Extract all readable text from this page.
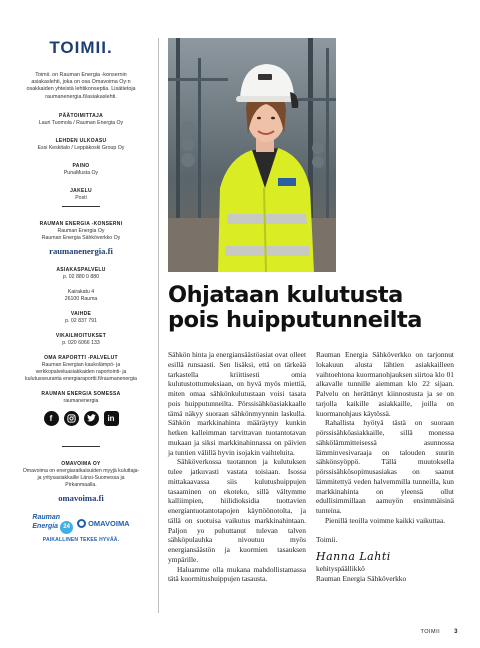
TOIMII.
Toimii. on Rauman Energia -konsernin asiakaslehti, joka on osa Omavoima Oy:n osakkaiden yhteistä lehtikonseptia. Lisätietoja raumanenergia.fi/asiakaslehti.
PÄÄTOIMITTAJA
Lauri Tuomola / Rauman Energia Oy
LEHDEN ULKOASU
Essi Keskitalo / Leppäkoski Group Oy
PAINO
PunaMusta Oy
JAKELU
Posti
RAUMAN ENERGIA -KONSERNI
Rauman Energia Oy
Rauman Energia Sähköverkko Oy
raumanenergia.fi
ASIAKASPALVELU
p. 02 880 0 880
Kairakatu 4
26100 Rauma
VAIHDE
p. 02 837 791
VIKAILMOITUKSET
p. 020 6066 133
OMA RAPORTTI -PALVELUT
Rauman Energian kaukolämpö- ja verkkopalveluasiakkaiden raportointi- ja kulutusseuranta energiaraportti.fi/raumanenergia
RAUMAN ENERGIA SOMESSA
raumanenergia
f	in
OMAVOIMA OY
Omavoima on energiaratkaisuiden myyjä kuluttaja- ja yritysasiakkaille Länsi-Suomessa ja Pirkanmaalla.
omavoima.fi
Rauman
Energia 24	OMAVOIMA
PAIKALLINEN TEKEE HYVÄÄ.
Ohjataan kulutusta
pois huipputunneilta

Sähkön hinta ja energiansäästöasiat ovat olleet esillä runsaasti. Sen lisäksi, että on tärkeää tarkastella kriittisesti omia kulutustottumuksiaan, on hyvä myös miettiä, miten omaa sähkönkulutustaan voisi tasata pois huipputunneilta. Pörssisähköasiakkaalle tämä näkyy suoraan sähkönmyynnin laskulla. Sähkön markkinahinta määräytyy kunkin hetken kalleimman tarvittavan tuotantotavan mukaan ja siksi markkinahinnassa on päivien ja tuntien välillä hyvin isojakin vaihteluita.

Sähköverkossa tuotannon ja kulutuksen tulee jatkuvasti vastata toisiaan. Isossa mittakaavassa siis kulutushuippujen tasaaminen on ekoteko, sillä vältymme kalliimpien, hiilidioksidia tuottavien energiantuotantotapojen käyttöönotolta, ja tällä on suotuisa vaikutus markkinahintaan. Paljon yo puhuttanut tulevan talven sähköpulauhka nivoutuu myös energiansäästön ja kuormien tasauksen ympärille.

Haluamme olla mukana mahdollistamassa tätä kuormitushuippujen tasausta.

Rauman Energia Sähköverkko on tarjonnut lokakuun alusta lähtien asiakkailleen vaihtoehtona kuormanohjauksen siirtoa klo 01 alkavalle tunnille aiemman klo 22 sijaan. Palvelu on herättänyt kiinnostusta ja se on tarjolla kaikille asiakkaille, joilla on kuormanohjaus käytössä.

Rahallista hyötyä tästä on suoraan pörssisähköasiakkaille, sillä monessa sähkölämmitteisessä asunnossa lämminvesivaraaja on talouden suurin sähkönsyöppö. Tällä muutoksella pörssisähkösopimusasiakas on saanut lämmitettyä veden halvemmilla tunneilla, kun markkinahinta on yleensä ollut edullisimmillaan aamuyön ensimmäisinä tunteina.

Pienillä teoilla voimme kaikki vaikuttaa.

Toimii.

Hanna Lahti

kehityspäällikkö

Rauman Energia Sähköverkko

TOIMII 3
